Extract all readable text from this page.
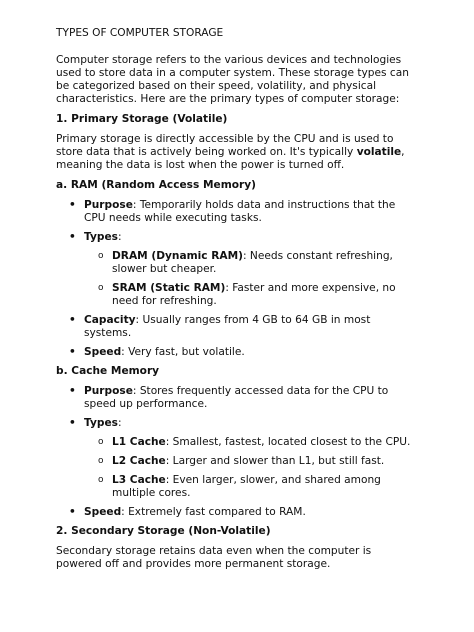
TYPES OF COMPUTER STORAGE

Computer storage refers to the various devices and technologies used to store data in a computer system. These storage types can be categorized based on their speed, volatility, and physical characteristics. Here are the primary types of computer storage:

1. Primary Storage (Volatile)

Primary storage is directly accessible by the CPU and is used to store data that is actively being worked on. It's typically volatile, meaning the data is lost when the power is turned off.

a. RAM (Random Access Memory)

• Purpose: Temporarily holds data and instructions that the CPU needs while executing tasks.
• Types:
o DRAM (Dynamic RAM): Needs constant refreshing, slower but cheaper.
o SRAM (Static RAM): Faster and more expensive, no need for refreshing.
• Capacity: Usually ranges from 4 GB to 64 GB in most systems.
• Speed: Very fast, but volatile.

b. Cache Memory

• Purpose: Stores frequently accessed data for the CPU to speed up performance.
• Types:
o L1 Cache: Smallest, fastest, located closest to the CPU.
o L2 Cache: Larger and slower than L1, but still fast.
o L3 Cache: Even larger, slower, and shared among multiple cores.
• Speed: Extremely fast compared to RAM.

2. Secondary Storage (Non-Volatile)

Secondary storage retains data even when the computer is powered off and provides more permanent storage.
